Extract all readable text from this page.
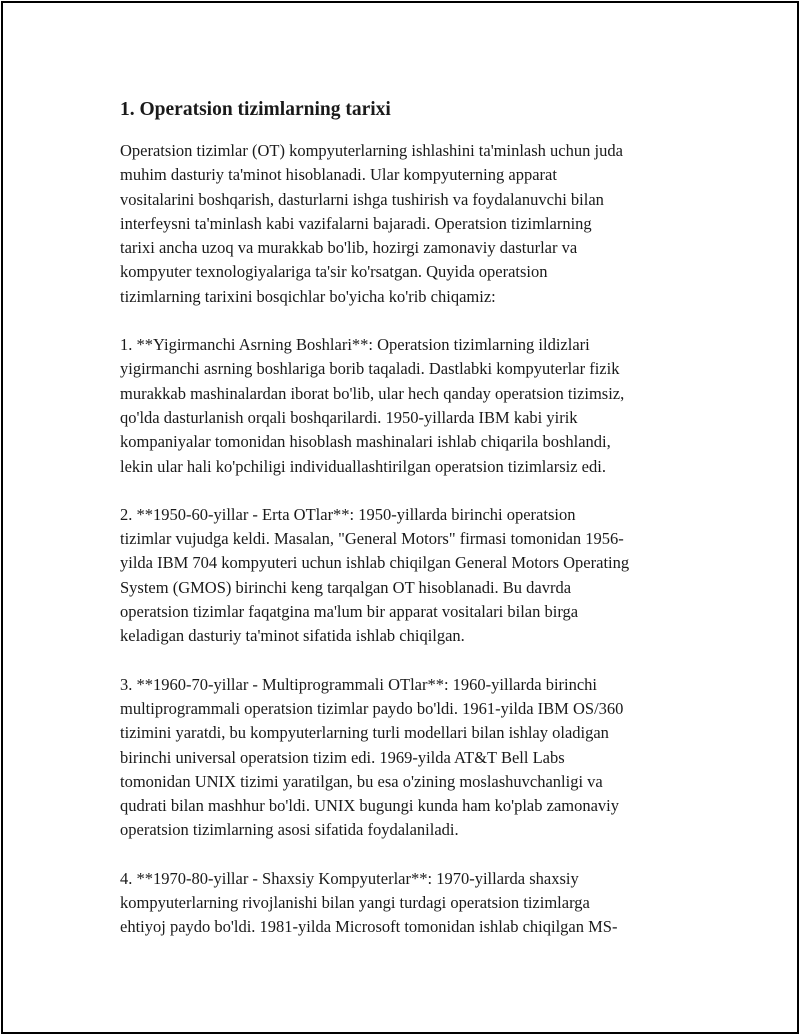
1. Operatsion tizimlarning tarixi

Operatsion tizimlar (OT) kompyuterlarning ishlashini ta'minlash uchun juda
muhim dasturiy ta'minot hisoblanadi. Ular kompyuterning apparat
vositalarini boshqarish, dasturlarni ishga tushirish va foydalanuvchi bilan
interfeysni ta'minlash kabi vazifalarni bajaradi. Operatsion tizimlarning
tarixi ancha uzoq va murakkab bo'lib, hozirgi zamonaviy dasturlar va
kompyuter texnologiyalariga ta'sir ko'rsatgan. Quyida operatsion
tizimlarning tarixini bosqichlar bo'yicha ko'rib chiqamiz:

1. **Yigirmanchi Asrning Boshlari**: Operatsion tizimlarning ildizlari
yigirmanchi asrning boshlariga borib taqaladi. Dastlabki kompyuterlar fizik
murakkab mashinalardan iborat bo'lib, ular hech qanday operatsion tizimsiz,
qo'lda dasturlanish orqali boshqarilardi. 1950-yillarda IBM kabi yirik
kompaniyalar tomonidan hisoblash mashinalari ishlab chiqarila boshlandi,
lekin ular hali ko'pchiligi individuallashtirilgan operatsion tizimlarsiz edi.

2. **1950-60-yillar - Erta OTlar**: 1950-yillarda birinchi operatsion
tizimlar vujudga keldi. Masalan, "General Motors" firmasi tomonidan 1956-
yilda IBM 704 kompyuteri uchun ishlab chiqilgan General Motors Operating
System (GMOS) birinchi keng tarqalgan OT hisoblanadi. Bu davrda
operatsion tizimlar faqatgina ma'lum bir apparat vositalari bilan birga
keladigan dasturiy ta'minot sifatida ishlab chiqilgan.

3. **1960-70-yillar - Multiprogrammali OTlar**: 1960-yillarda birinchi
multiprogrammali operatsion tizimlar paydo bo'ldi. 1961-yilda IBM OS/360
tizimini yaratdi, bu kompyuterlarning turli modellari bilan ishlay oladigan
birinchi universal operatsion tizim edi. 1969-yilda AT&T Bell Labs
tomonidan UNIX tizimi yaratilgan, bu esa o'zining moslashuvchanligi va
qudrati bilan mashhur bo'ldi. UNIX bugungi kunda ham ko'plab zamonaviy
operatsion tizimlarning asosi sifatida foydalaniladi.

4. **1970-80-yillar - Shaxsiy Kompyuterlar**: 1970-yillarda shaxsiy
kompyuterlarning rivojlanishi bilan yangi turdagi operatsion tizimlarga
ehtiyoj paydo bo'ldi. 1981-yilda Microsoft tomonidan ishlab chiqilgan MS-
